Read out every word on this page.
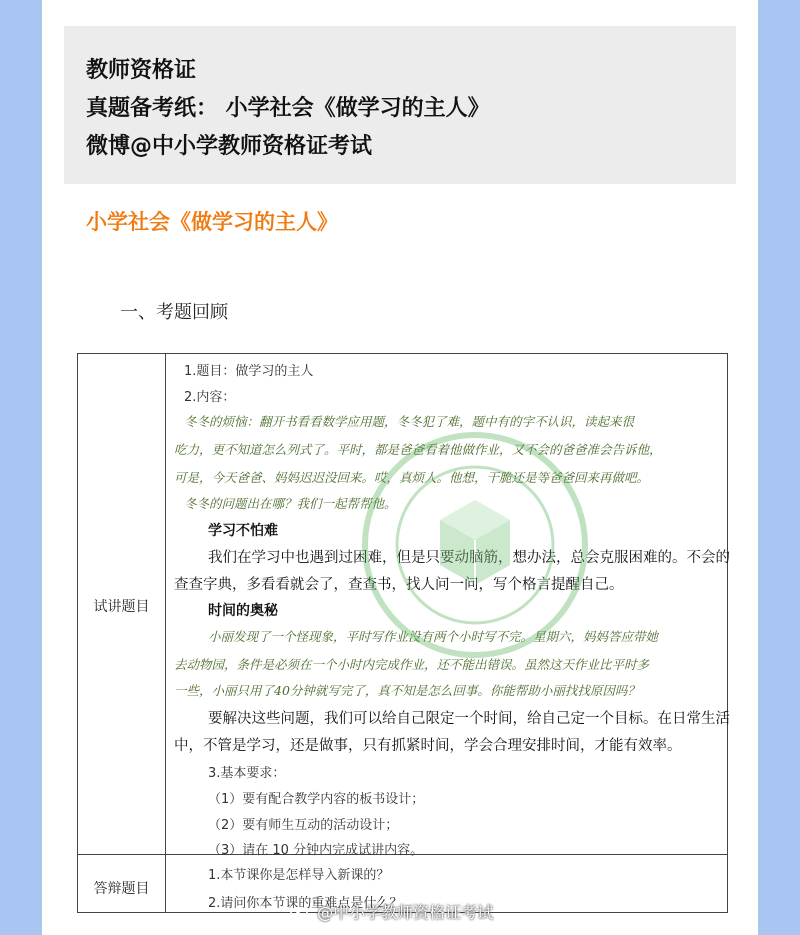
教师资格证
真题备考纸： 小学社会《做学习的主人》
微博@中小学教师资格证考试
小学社会《做学习的主人》
一、考题回顾
试讲题目
答辩题目
1.题目：做学习的主人
2.内容：
冬冬的烦恼：翻开书看看数学应用题，冬冬犯了难，题中有的字不认识，读起来很
吃力，更不知道怎么列式了。平时，都是爸爸看着他做作业，又不会的爸爸准会告诉他，
可是，今天爸爸、妈妈迟迟没回来。哎，真烦人。他想，干脆还是等爸爸回来再做吧。
冬冬的问题出在哪？我们一起帮帮他。
学习不怕难
我们在学习中也遇到过困难，但是只要动脑筋，想办法，总会克服困难的。不会的
查查字典，多看看就会了，查查书，找人问一问，写个格言提醒自己。
时间的奥秘
小丽发现了一个怪现象，平时写作业没有两个小时写不完。星期六，妈妈答应带她
去动物园，条件是必须在一个小时内完成作业，还不能出错误。虽然这天作业比平时多
一些，小丽只用了40分钟就写完了，真不知是怎么回事。你能帮助小丽找找原因吗？
要解决这些问题，我们可以给自己限定一个时间，给自己定一个目标。在日常生活
中，不管是学习，还是做事，只有抓紧时间，学会合理安排时间，才能有效率。
3.基本要求：
（1）要有配合教学内容的板书设计；
（2）要有师生互动的活动设计；
（3）请在 10 分钟内完成试讲内容。
1.本节课你是怎样导入新课的？
2.请问你本节课的重难点是什么？
@中小学教师资格证考试
